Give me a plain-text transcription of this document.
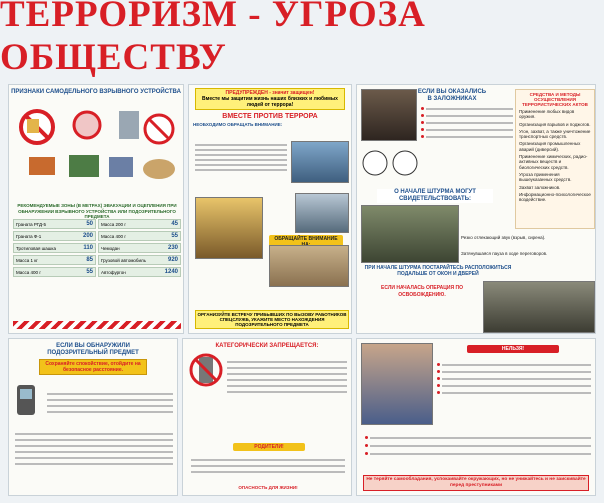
ТЕРРОРИЗМ - УГРОЗА ОБЩЕСТВУ
ПРИЗНАКИ САМОДЕЛЬНОГО ВЗРЫВНОГО УСТРОЙСТВА
РЕКОМЕНДУЕМЫЕ ЗОНЫ (В МЕТРАХ) ЭВАКУАЦИИ И ОЦЕПЛЕНИЯ ПРИ ОБНАРУЖЕНИИ ВЗРЫВНОГО УСТРОЙСТВА ИЛИ ПОДОЗРИТЕЛЬНОГО ПРЕДМЕТА
Граната РГД-5	50 Масса 200 г	45
Граната Ф-1	200 Масса 400 г	55
Тротиловая шашка	110 Чемодан	230
Масса 1 кг	85 Грузовой автомобиль	920
Масса 400 г	55 Автофургон	1240
ПРЕДУПРЕЖДЕН - значит защищен!
Вместе мы защитим жизнь наших близких и любимых людей от террора!
ВМЕСТЕ ПРОТИВ ТЕРРОРА
НЕОБХОДИМО ОБРАЩАТЬ ВНИМАНИЕ:
ОБРАЩАЙТЕ ВНИМАНИЕ
ОРГАНИЗУЙТЕ ВСТРЕЧУ ПРИБЫВШИХ ПО ВЫЗОВУ РАБОТНИКОВ СПЕЦСЛУЖБ, УКАЖИТЕ МЕСТО НАХОЖДЕНИЯ ПОДОЗРИТЕЛЬНОГО ПРЕДМЕТА
ЕСЛИ ВЫ ОКАЗАЛИСЬ В ЗАЛОЖНИКАХ
СРЕДСТВА И МЕТОДЫ ОСУЩЕСТВЛЕНИЯ ТЕРРОРИСТИЧЕСКИХ АКТОВ
Применение любых видов оружия.
Организация взрывов и поджогов.
Угон, захват, а также уничтожение транспортных средств.
Организация промышленных аварий (диверсий).
Применение химических, радио-активных веществ и биологических средств.
Угроза применения вышеуказанных средств.
Захват заложников.
Информационно-психологическое воздействие.
О НАЧАЛЕ ШТУРМА МОГУТ СВИДЕТЕЛЬСТВОВАТЬ:
Резко отлекающий звук (взрыв, сирена).
Затянувшаяся пауза в ходе переговоров.
ПРИ НАЧАЛЕ ШТУРМА ПОСТАРАЙТЕСЬ РАСПОЛОЖИТЬСЯ ПОДАЛЬШЕ ОТ ОКОН И ДВЕРЕЙ
ЕСЛИ НАЧАЛАСЬ ОПЕРАЦИЯ ПО ОСВОБОЖДЕНИЮ.
ЕСЛИ ВЫ ОБНАРУЖИЛИ ПОДОЗРИТЕЛЬНЫЙ ПРЕДМЕТ
Сохраняйте спокойствие, отойдите на безопасное расстояние.
КАТЕГОРИЧЕСКИ ЗАПРЕЩАЕТСЯ:
РОДИТЕЛИ!
ОПАСНОСТЬ ДЛЯ ЖИЗНИ!
НЕЛЬЗЯ!
Не теряйте самообладания, успокаивайте окружающих, но не унижайтесь и не заискивайте перед преступниками
